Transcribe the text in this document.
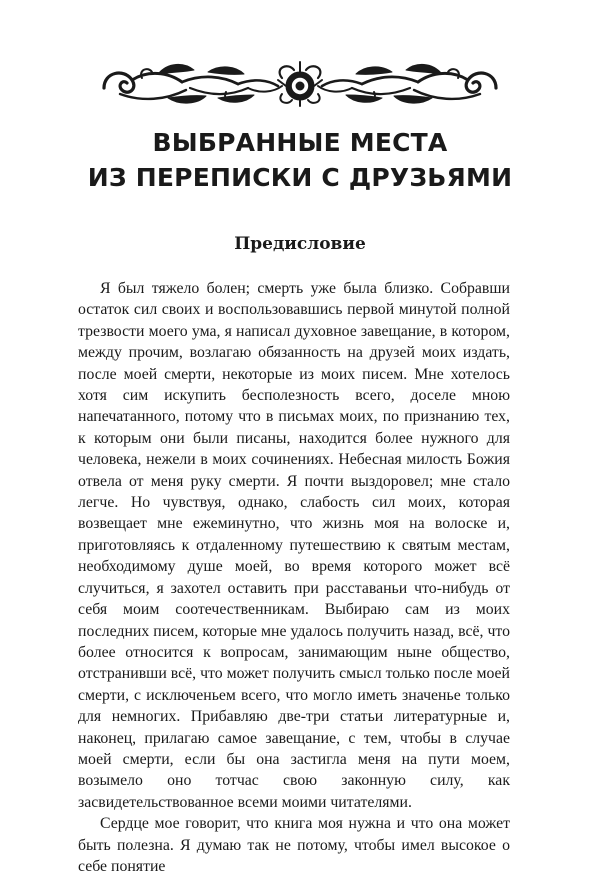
ВЫБРАННЫЕ МЕСТА
ИЗ ПЕРЕПИСКИ С ДРУЗЬЯМИ
Предисловие

Я был тяжело болен; смерть уже была близко. Собравши остаток сил своих и воспользовавшись первой минутой полной трезвости моего ума, я написал духовное завещание, в котором, между прочим, возлагаю обязанность на друзей моих издать, после моей смерти, некоторые из моих писем. Мне хотелось хотя сим искупить бесполезность всего, доселе мною напечатанного, потому что в письмах моих, по признанию тех, к которым они были писаны, находится более нужного для человека, нежели в моих сочинениях. Небесная милость Божия отвела от меня руку смерти. Я почти выздоровел; мне стало легче. Но чувствуя, однако, слабость сил моих, которая возвещает мне ежеминутно, что жизнь моя на волоске и, приготовляясь к отдаленному путешествию к святым местам, необходимому душе моей, во время которого может всё случиться, я захотел оставить при расставаньи что-нибудь от себя моим соотечественникам. Выбираю сам из моих последних писем, которые мне удалось получить назад, всё, что более относится к вопросам, занимающим ныне общество, отстранивши всё, что может получить смысл только после моей смерти, с исключеньем всего, что могло иметь значенье только для немногих. Прибавляю две-три статьи литературные и, наконец, прилагаю самое завещание, с тем, чтобы в случае моей смерти, если бы она застигла меня на пути моем, возымело оно тотчас свою законную силу, как засвидетельствованное всеми моими читателями.

Сердце мое говорит, что книга моя нужна и что она может быть полезна. Я думаю так не потому, чтобы имел высокое о себе понятие
